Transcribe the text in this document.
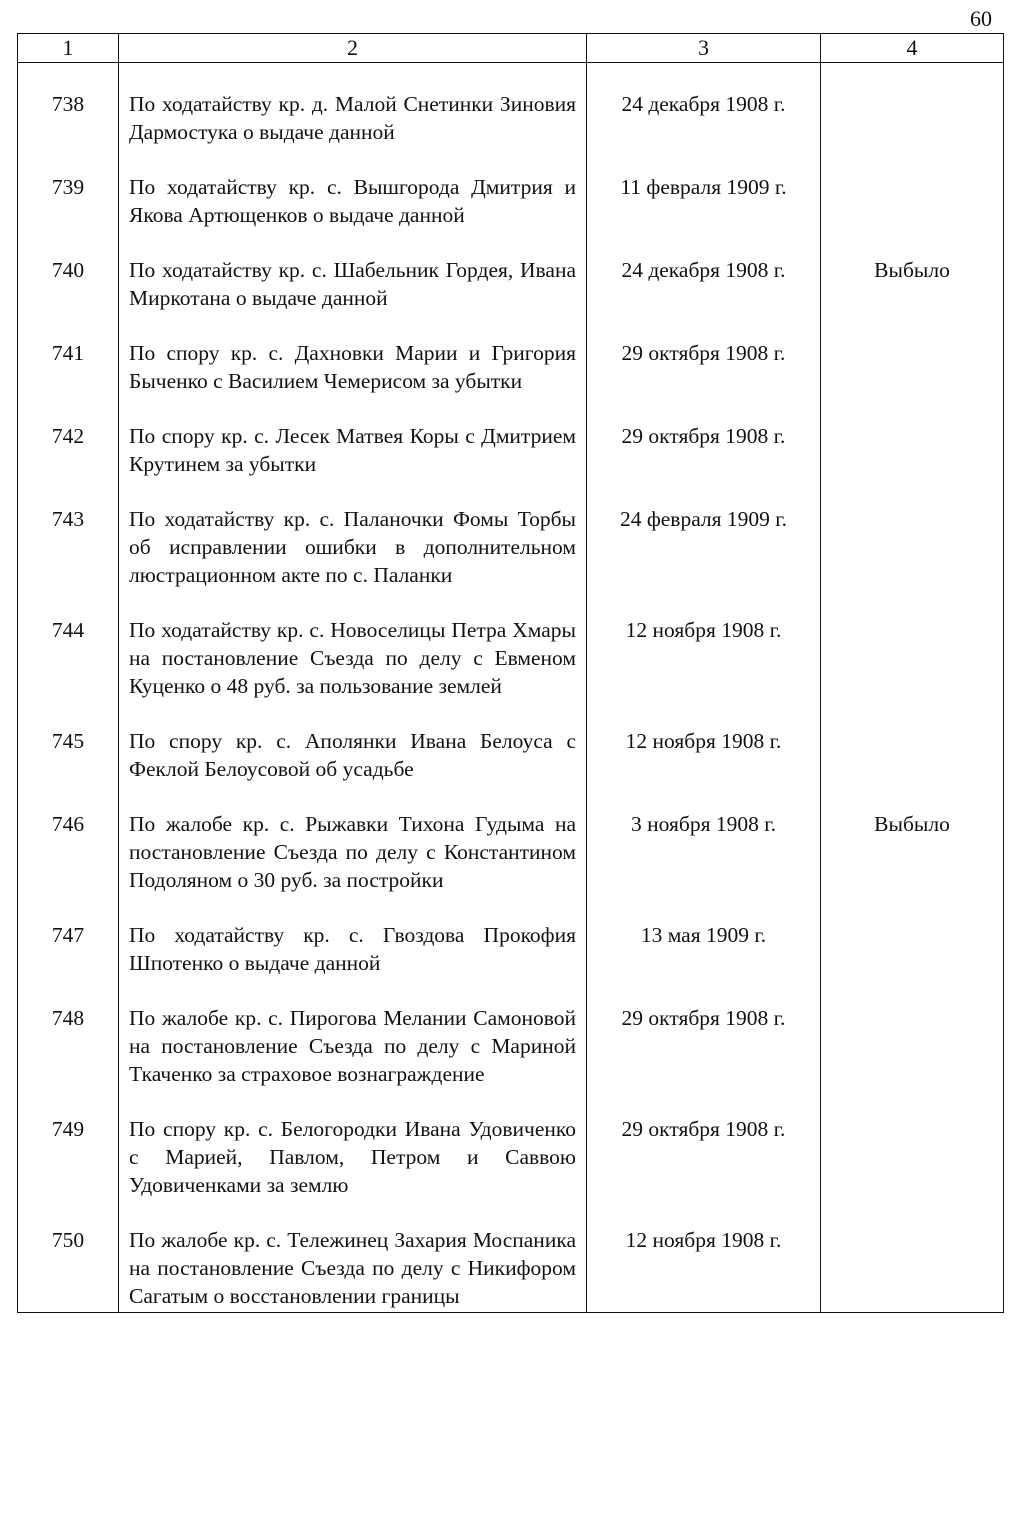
60
1	2	3	4
738	По ходатайству кр. д. Малой Снетинки Зиновия Дармостука о выдаче данной	24 декабря 1908 г.	
739	По ходатайству кр. с. Вышгорода Дмитрия и Якова Артющенков о выдаче данной	11 февраля 1909 г.	
740	По ходатайству кр. с. Шабельник Гордея, Ивана Миркотана о выдаче данной	24 декабря 1908 г.	Выбыло
741	По спору кр. с. Дахновки Марии и Григория Быченко с Василием Чемерисом за убытки	29 октября 1908 г.	
742	По спору кр. с. Лесек Матвея Коры с Дмитрием Крутинем за убытки	29 октября 1908 г.	
743	По ходатайству кр. с. Паланочки Фомы Торбы об исправлении ошибки в дополнительном люстрационном акте по с. Паланки	24 февраля 1909 г.	
744	По ходатайству кр. с. Новоселицы Петра Хмары на постановление Съезда по делу с Евменом Куценко о 48 руб. за пользование землей	12 ноября 1908 г.	
745	По спору кр. с. Аполянки Ивана Белоуса с Феклой Белоусовой об усадьбе	12 ноября 1908 г.	
746	По жалобе кр. с. Рыжавки Тихона Гудыма на постановление Съезда по делу с Константином Подоляном о 30 руб. за постройки	3 ноября 1908 г.	Выбыло
747	По ходатайству кр. с. Гвоздова Прокофия Шпотенко о выдаче данной	13 мая 1909 г.	
748	По жалобе кр. с. Пирогова Мелании Самоновой на постановление Съезда по делу с Мариной Ткаченко за страховое вознаграждение	29 октября 1908 г.	
749	По спору кр. с. Белогородки Ивана Удовиченко с Марией, Павлом, Петром и Саввою Удовиченками за землю	29 октября 1908 г.	
750	По жалобе кр. с. Тележинец Захария Моспаника на постановление Съезда по делу с Никифором Сагатым о восстановлении границы	12 ноября 1908 г.	
